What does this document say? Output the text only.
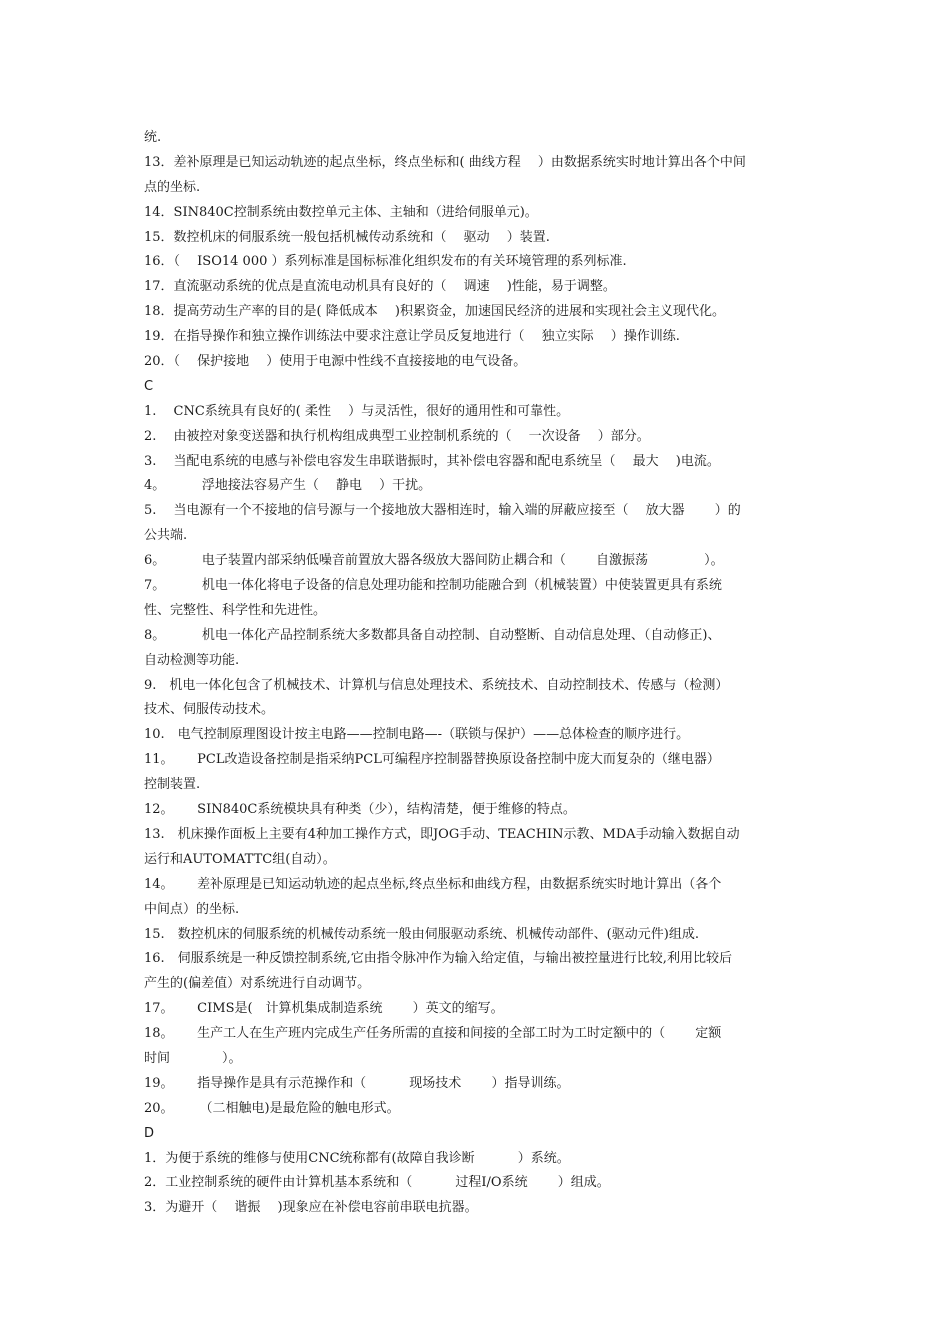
统.
13．差补原理是已知运动轨迹的起点坐标，终点坐标和( 曲线方程　 ）由数据系统实时地计算出各个中间
点的坐标.
14．SIN840C控制系统由数控单元主体、主轴和（进给伺服单元)。
15．数控机床的伺服系统一般包括机械传动系统和（　 驱动　 ）装置.
16．（　 ISO14 000 ）系列标准是国标标准化组织发布的有关环境管理的系列标准.
17．直流驱动系统的优点是直流电动机具有良好的（　 调速　 )性能，易于调整。
18．提高劳动生产率的目的是( 降低成本　 )积累资金，加速国民经济的进展和实现社会主义现代化。
19．在指导操作和独立操作训练法中要求注意让学员反复地进行（　 独立实际　 ）操作训练.
20．（　 保护接地　 ）使用于电源中性线不直接接地的电气设备。
C
1.　 CNC系统具有良好的( 柔性　 ）与灵活性，很好的通用性和可靠性。
2.　 由被控对象变送器和执行机构组成典型工业控制机系统的（　 一次设备　 ）部分。
3.　 当配电系统的电感与补偿电容发生串联谐振时，其补偿电容器和配电系统呈（　 最大　 )电流。
4。　　　 浮地接法容易产生（　 静电　 ）干扰。
5.　 当电源有一个不接地的信号源与一个接地放大器相连时，输入端的屏蔽应接至（　 放大器　　 ）的
公共端.
6。　　　 电子装置内部采纳低噪音前置放大器各级放大器间防止耦合和（　　 自激振荡　　　　 ）。
7。　　　 机电一体化将电子设备的信息处理功能和控制功能融合到（机械装置）中使装置更具有系统
性、完整性、科学性和先进性。
8。　　　 机电一体化产品控制系统大多数都具备自动控制、自动整断、自动信息处理、（自动修正)、
自动检测等功能.
9.　机电一体化包含了机械技术、计算机与信息处理技术、系统技术、自动控制技术、传感与（检测）
技术、伺服传动技术。
10.　电气控制原理图设计按主电路——控制电路—-（联锁与保护）——总体检查的顺序进行。
11。　　 PCL改造设备控制是指采纳PCL可编程序控制器替换原设备控制中庞大而复杂的（继电器）
控制装置.
12。　　 SIN840C系统模块具有种类（少），结构清楚，便于维修的特点。
13.　机床操作面板上主要有4种加工操作方式，即JOG手动、TEACHIN示教、MDA手动输入数据自动
运行和AUTOMATTC组(自动）。
14。　　 差补原理是已知运动轨迹的起点坐标,终点坐标和曲线方程，由数据系统实时地计算出（各个
中间点）的坐标.
15.　数控机床的伺服系统的机械传动系统一般由伺服驱动系统、机械传动部件、(驱动元件)组成.
16.　伺服系统是一种反馈控制系统,它由指令脉冲作为输入给定值，与输出被控量进行比较,利用比较后
产生的(偏差值）对系统进行自动调节。
17。　　 CIMS是(　计算机集成制造系统　　 ）英文的缩写。
18。　　 生产工人在生产班内完成生产任务所需的直接和间接的全部工时为工时定额中的（　　 定额
时间　　　　）。
19。　　 指导操作是具有示范操作和（　　　 现场技术　　 ）指导训练。
20。　　　（二相触电)是最危险的触电形式。
D
1．为便于系统的维修与使用CNC统称都有(故障自我诊断　　　 ）系统。
2．工业控制系统的硬件由计算机基本系统和（　　　 过程I/O系统　　 ）组成。
3．为避开（　 谐振　 )现象应在补偿电容前串联电抗器。
